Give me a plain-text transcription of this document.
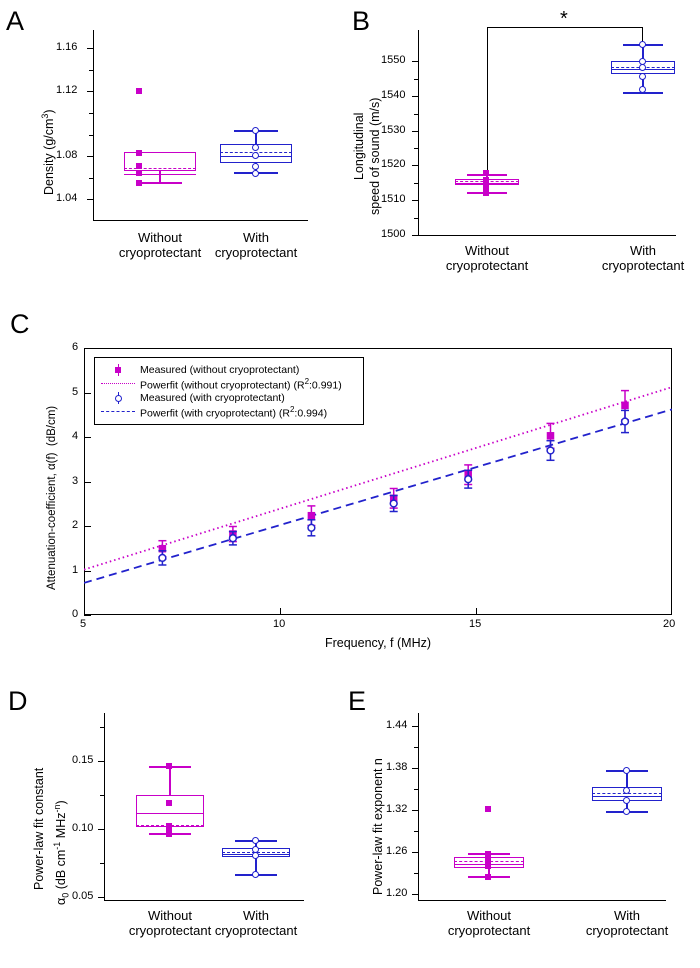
A
1.16
1.12
1.08
1.04
Density $(g/cm^3)$
Without
cryoprotectant
With
cryoprotectant
B
1550
1540
1530
1520
1510
1500
Longitudinal speed of sound (m/s)
*
Without
cryoprotectant
With
cryoprotectant
C
Attenuation-coefficient, α(f)  (dB/cm)
6
5
4
3
2
1
0
5	10	15	20
Frequency, f (MHz)
Measured (without cryoprotectant)
Powerfit (without cryoprotectant) $(R^2:0.991)$
Measured (with cryoprotectant)
Powerfit (with cryoprotectant) $(R^2:0.994)$
D
0.15
0.10
0.05
Power-law fit constant
$\alpha_0$ (dB $cm^{-1}$ MHz$^{-n}$)
Without
cryoprotectant
With
cryoprotectant
E
1.44
1.38
1.32
1.26
1.20
Power-law fit exponent n
Without
cryoprotectant
With
cryoprotectant
